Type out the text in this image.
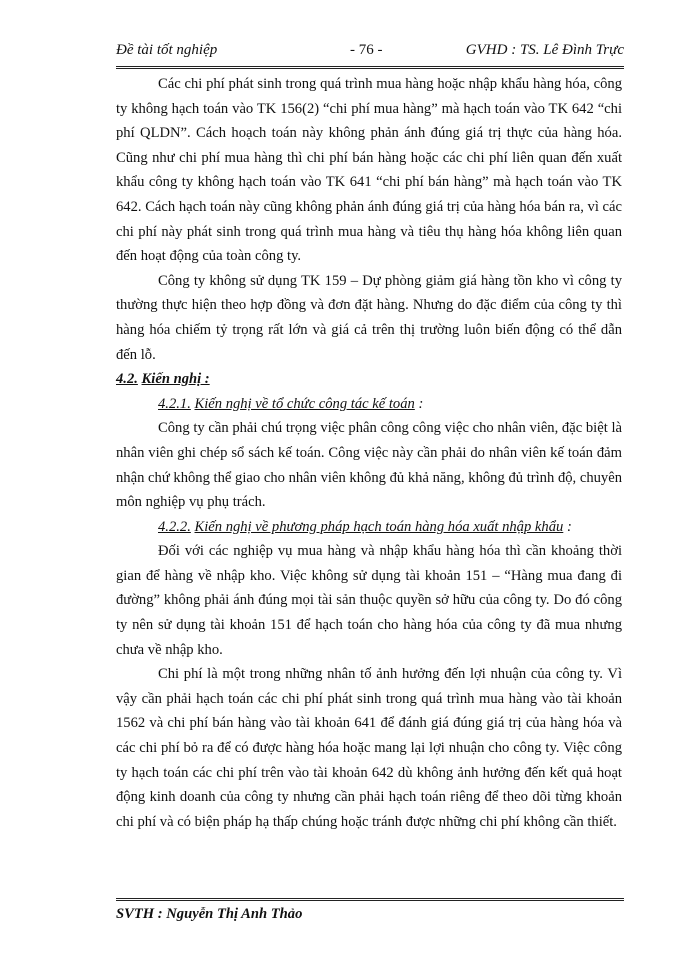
Đề tài tốt nghiệp	- 76 -	GVHD : TS. Lê Đình Trực

Các chi phí phát sinh trong quá trình mua hàng hoặc nhập khẩu hàng hóa, công ty không hạch toán vào TK 156(2) “chi phí mua hàng” mà hạch toán vào TK 642 “chi phí QLDN”. Cách hoạch toán này không phản ánh đúng giá trị thực của hàng hóa. Cũng như chi phí mua hàng thì chi phí bán hàng hoặc các chi phí liên quan đến xuất khẩu công ty không hạch toán vào TK 641 “chi phí bán hàng” mà hạch toán vào TK 642. Cách hạch toán này cũng không phản ánh đúng giá trị của hàng hóa bán ra, vì các chi phí này phát sinh trong quá trình mua hàng và tiêu thụ hàng hóa không liên quan đến hoạt động của toàn công ty.

Công ty không sử dụng TK 159 – Dự phòng giảm giá hàng tồn kho vì công ty thường thực hiện theo hợp đồng và đơn đặt hàng. Nhưng do đặc điểm của công ty thì hàng hóa chiếm tỷ trọng rất lớn và giá cả trên thị trường luôn biến động có thể dẫn đến lỗ.

4.2. Kiến nghị :
4.2.1. Kiến nghị về tổ chức công tác kế toán :

Công ty cần phải chú trọng việc phân công công việc cho nhân viên, đặc biệt là nhân viên ghi chép sổ sách kế toán. Công việc này cần phải do nhân viên kế toán đảm nhận chứ không thể giao cho nhân viên không đủ khả năng, không đủ trình độ, chuyên môn nghiệp vụ phụ trách.

4.2.2. Kiến nghị về phương pháp hạch toán hàng hóa xuất nhập khẩu :

Đối với các nghiệp vụ mua hàng và nhập khẩu hàng hóa thì cần khoảng thời gian để hàng về nhập kho. Việc không sử dụng tài khoản 151 – “Hàng mua đang đi đường” không phải ánh đúng mọi tài sản thuộc quyền sở hữu của công ty. Do đó công ty nên sử dụng tài khoản 151 để hạch toán cho hàng hóa của công ty đã mua nhưng chưa về nhập kho.

Chi phí là một trong những nhân tố ảnh hưởng đến lợi nhuận của công ty. Vì vậy cần phải hạch toán các chi phí phát sinh trong quá trình mua hàng vào tài khoản 1562 và chi phí bán hàng vào tài khoản 641 để đánh giá đúng giá trị của hàng hóa và các chi phí bỏ ra để có được hàng hóa hoặc mang lại lợi nhuận cho công ty. Việc công ty hạch toán các chi phí trên vào tài khoản 642 dù không ảnh hưởng đến kết quả hoạt động kinh doanh của công ty nhưng cần phải hạch toán riêng để theo dõi từng khoản chi phí và có biện pháp hạ thấp chúng hoặc tránh được những chi phí không cần thiết.

SVTH : Nguyễn Thị Anh Thảo
